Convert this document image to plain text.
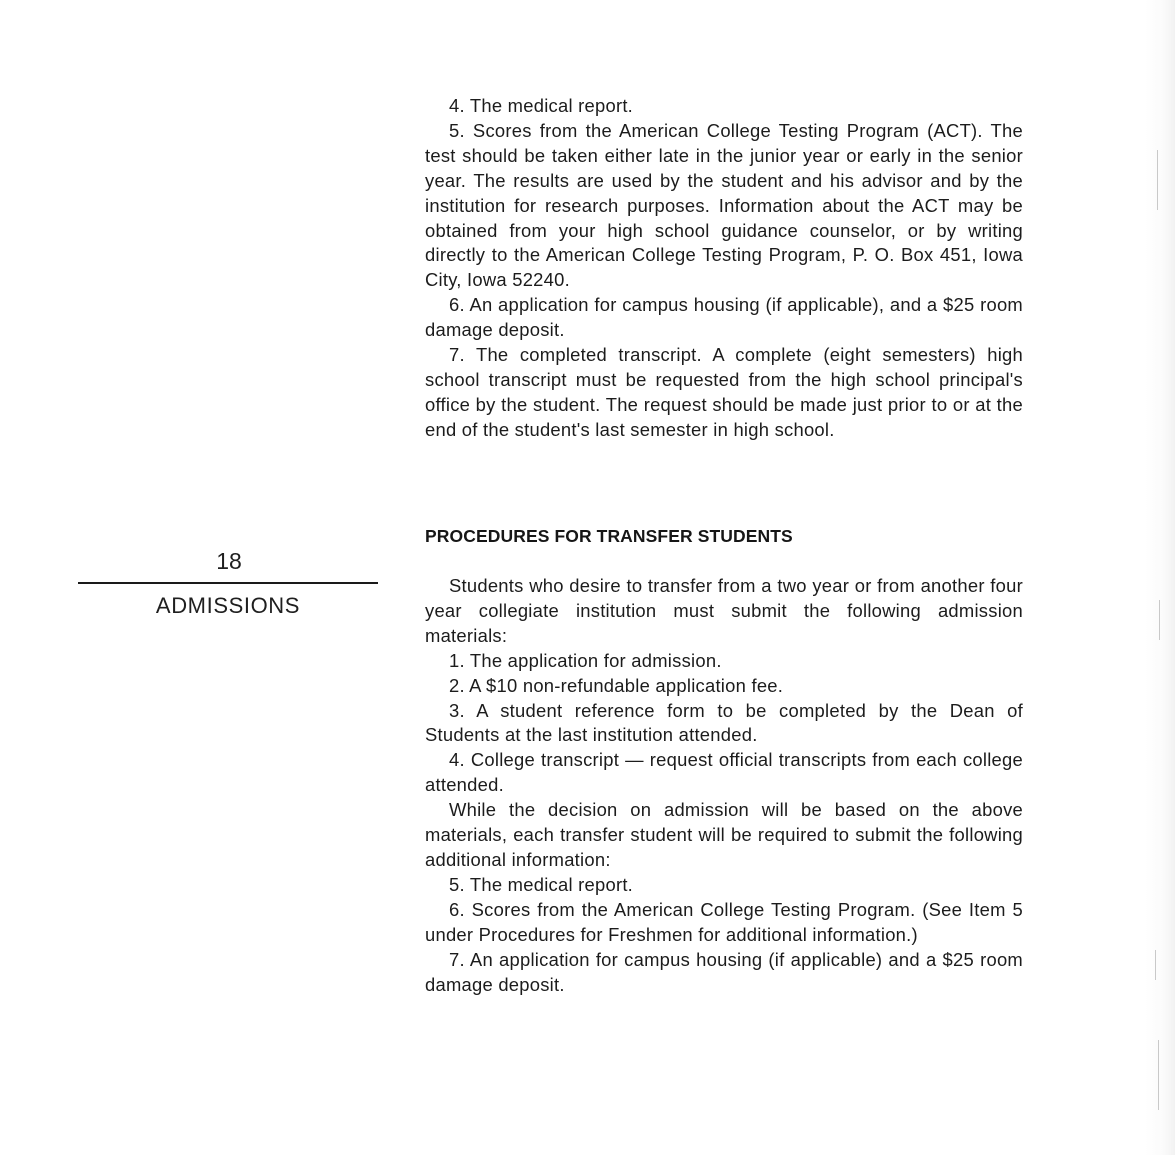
18
ADMISSIONS

4. The medical report.

5. Scores from the American College Testing Program (ACT). The test should be taken either late in the junior year or early in the senior year. The results are used by the student and his advisor and by the institution for research purposes. Information about the ACT may be obtained from your high school guidance counselor, or by writing directly to the American College Testing Program, P. O. Box 451, Iowa City, Iowa 52240.

6. An application for campus housing (if applicable), and a $25 room damage deposit.

7. The completed transcript. A complete (eight semesters) high school transcript must be requested from the high school principal's office by the student. The request should be made just prior to or at the end of the student's last semester in high school.

PROCEDURES FOR TRANSFER STUDENTS

Students who desire to transfer from a two year or from another four year collegiate institution must submit the following admission materials:

1. The application for admission.

2. A $10 non-refundable application fee.

3. A student reference form to be completed by the Dean of Students at the last institution attended.

4. College transcript — request official transcripts from each college attended.

While the decision on admission will be based on the above materials, each transfer student will be required to submit the following additional information:

5. The medical report.

6. Scores from the American College Testing Program. (See Item 5 under Procedures for Freshmen for additional information.)

7. An application for campus housing (if applicable) and a $25 room damage deposit.
